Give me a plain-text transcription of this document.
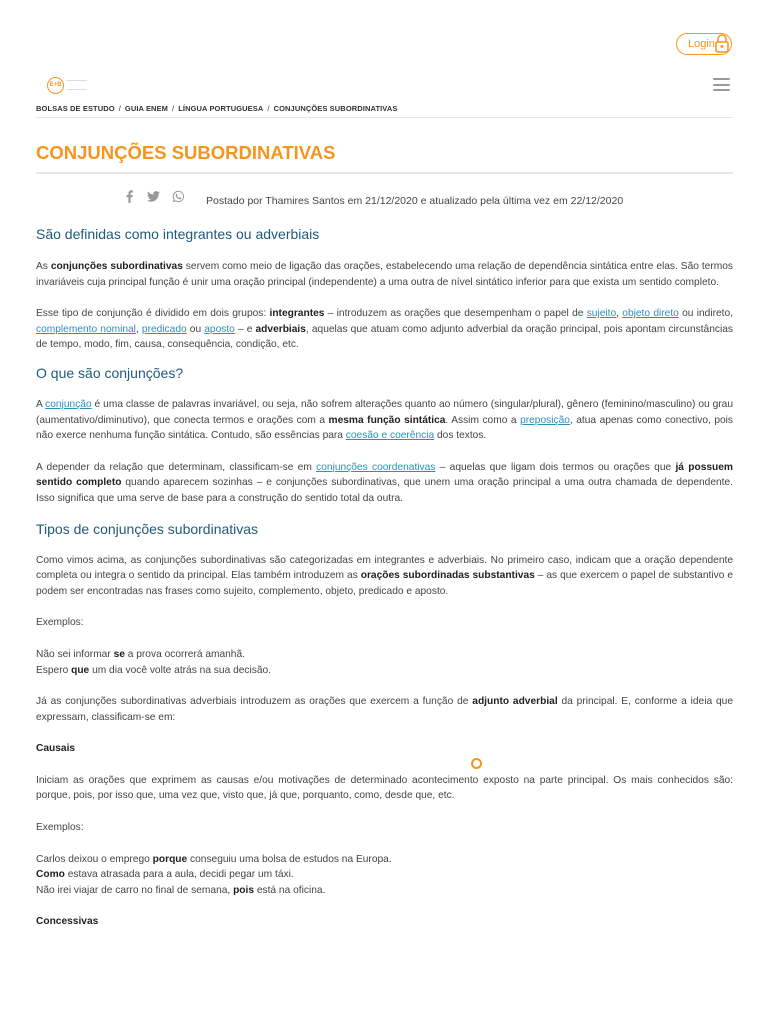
Login
E+B
BOLSAS DE ESTUDO / GUIA ENEM / LÍNGUA PORTUGUESA / CONJUNÇÕES SUBORDINATIVAS
CONJUNÇÕES SUBORDINATIVAS
Postado por Thamires Santos em 21/12/2020 e atualizado pela última vez em 22/12/2020
São definidas como integrantes ou adverbiais

As conjunções subordinativas servem como meio de ligação das orações, estabelecendo uma relação de dependência sintática entre elas. São termos invariáveis cuja principal função é unir uma oração principal (independente) a uma outra de nível sintático inferior para que exista um sentido completo.

Esse tipo de conjunção é dividido em dois grupos: integrantes – introduzem as orações que desempenham o papel de sujeito, objeto direto ou indireto, complemento nominal, predicado ou aposto – e adverbiais, aquelas que atuam como adjunto adverbial da oração principal, pois apontam circunstâncias de tempo, modo, fim, causa, consequência, condição, etc.

O que são conjunções?

A conjunção é uma classe de palavras invariável, ou seja, não sofrem alterações quanto ao número (singular/plural), gênero (feminino/masculino) ou grau (aumentativo/diminutivo), que conecta termos e orações com a mesma função sintática. Assim como a preposição, atua apenas como conectivo, pois não exerce nenhuma função sintática. Contudo, são essências para coesão e coerência dos textos.

A depender da relação que determinam, classificam-se em conjunções coordenativas – aquelas que ligam dois termos ou orações que já possuem sentido completo quando aparecem sozinhas – e conjunções subordinativas, que unem uma oração principal a uma outra chamada de dependente. Isso significa que uma serve de base para a construção do sentido total da outra.

Tipos de conjunções subordinativas

Como vimos acima, as conjunções subordinativas são categorizadas em integrantes e adverbiais. No primeiro caso, indicam que a oração dependente completa ou integra o sentido da principal. Elas também introduzem as orações subordinadas substantivas – as que exercem o papel de substantivo e podem ser encontradas nas frases como sujeito, complemento, objeto, predicado e aposto.

Exemplos:

Não sei informar se a prova ocorrerá amanhã.

Espero que um dia você volte atrás na sua decisão.

Já as conjunções subordinativas adverbiais introduzem as orações que exercem a função de adjunto adverbial da principal. E, conforme a ideia que expressam, classificam-se em:

Causais

Iniciam as orações que exprimem as causas e/ou motivações de determinado acontecimento exposto na parte principal. Os mais conhecidos são: porque, pois, por isso que, uma vez que, visto que, já que, porquanto, como, desde que, etc.

Exemplos:

Carlos deixou o emprego porque conseguiu uma bolsa de estudos na Europa.

Como estava atrasada para a aula, decidi pegar um táxi.

Não irei viajar de carro no final de semana, pois está na oficina.

Concessivas
